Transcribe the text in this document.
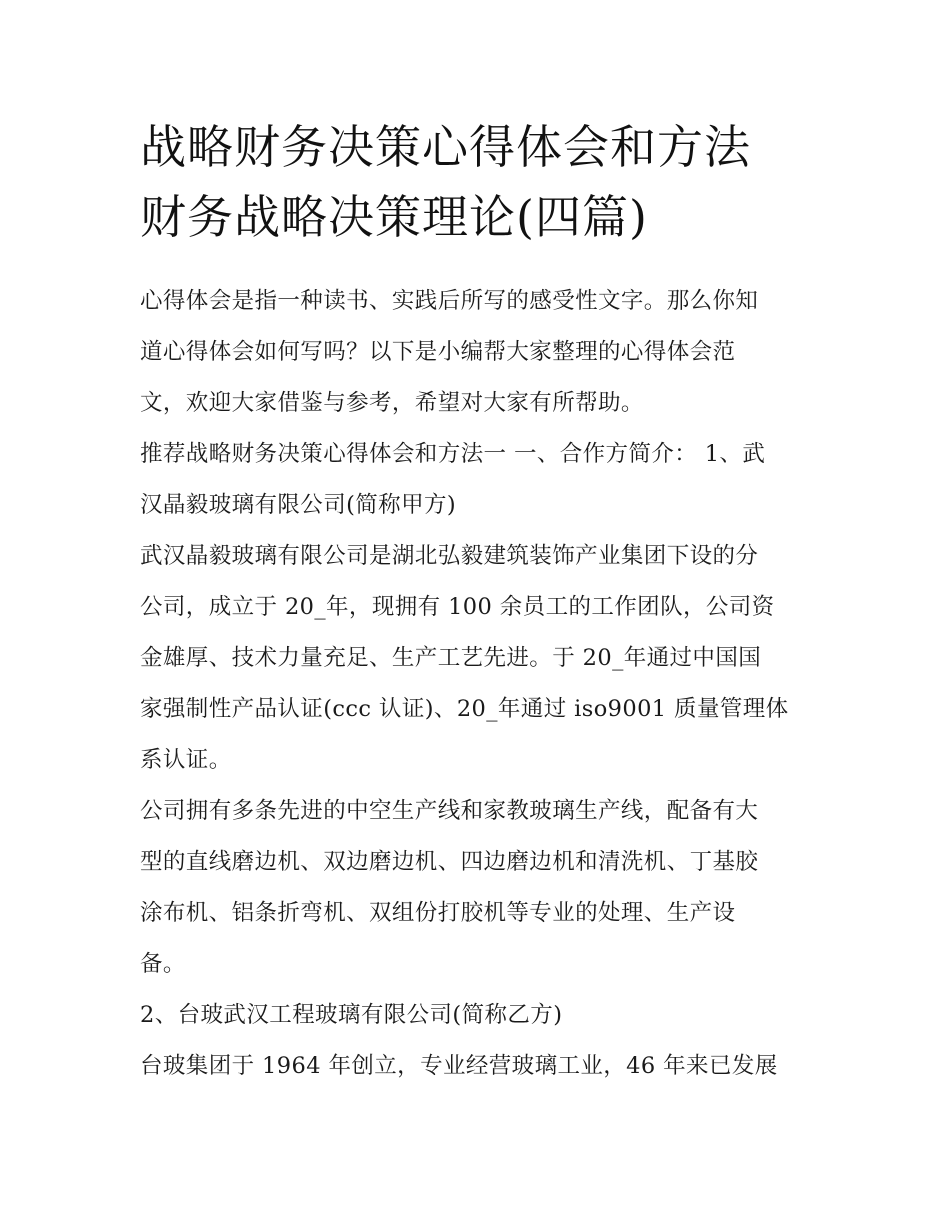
战略财务决策心得体会和方法
财务战略决策理论(四篇)
心得体会是指一种读书、实践后所写的感受性文字。那么你知
道心得体会如何写吗？以下是小编帮大家整理的心得体会范
文，欢迎大家借鉴与参考，希望对大家有所帮助。
推荐战略财务决策心得体会和方法一 一、合作方简介： 1、武
汉晶毅玻璃有限公司(简称甲方)
武汉晶毅玻璃有限公司是湖北弘毅建筑装饰产业集团下设的分
公司，成立于 20_年，现拥有 100 余员工的工作团队，公司资
金雄厚、技术力量充足、生产工艺先进。于 20_年通过中国国
家强制性产品认证(ccc 认证)、20_年通过 iso9001 质量管理体
系认证。
公司拥有多条先进的中空生产线和家教玻璃生产线，配备有大
型的直线磨边机、双边磨边机、四边磨边机和清洗机、丁基胶
涂布机、铝条折弯机、双组份打胶机等专业的处理、生产设
备。
2、台玻武汉工程玻璃有限公司(简称乙方)
台玻集团于 1964 年创立，专业经营玻璃工业，46 年来已发展
